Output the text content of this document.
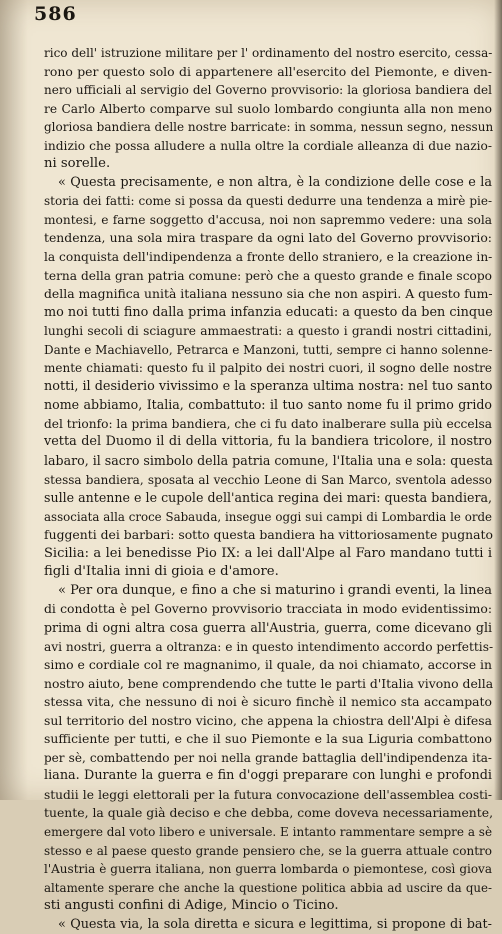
586
rico dell' istruzione militare per l' ordinamento del nostro esercito, cessa-
rono per questo solo di appartenere all'esercito del Piemonte, e diven-
nero ufficiali al servigio del Governo provvisorio: la gloriosa bandiera del
re Carlo Alberto comparve sul suolo lombardo congiunta alla non meno
gloriosa bandiera delle nostre barricate: in somma, nessun segno, nessun
indizio che possa alludere a nulla oltre la cordiale alleanza di due nazio-
ni sorelle.
« Questa precisamente, e non altra, è la condizione delle cose e la
storia dei fatti: come si possa da questi dedurre una tendenza a mirè pie-
montesi, e farne soggetto d'accusa, noi non sapremmo vedere: una sola
tendenza, una sola mira traspare da ogni lato del Governo provvisorio:
la conquista dell'indipendenza a fronte dello straniero, e la creazione in-
terna della gran patria comune: però che a questo grande e finale scopo
della magnifica unità italiana nessuno sia che non aspiri. A questo fum-
mo noi tutti fino dalla prima infanzia educati: a questo da ben cinque
lunghi secoli di sciagure ammaestrati: a questo i grandi nostri cittadini,
Dante e Machiavello, Petrarca e Manzoni, tutti, sempre ci hanno solenne-
mente chiamati: questo fu il palpito dei nostri cuori, il sogno delle nostre
notti, il desiderio vivissimo e la speranza ultima nostra: nel tuo santo
nome abbiamo, Italia, combattuto: il tuo santo nome fu il primo grido
del trionfo: la prima bandiera, che ci fu dato inalberare sulla più eccelsa
vetta del Duomo il di della vittoria, fu la bandiera tricolore, il nostro
labaro, il sacro simbolo della patria comune, l'Italia una e sola: questa
stessa bandiera, sposata al vecchio Leone di San Marco, sventola adesso
sulle antenne e le cupole dell'antica regina dei mari: questa bandiera,
associata alla croce Sabauda, insegue oggi sui campi di Lombardia le orde
fuggenti dei barbari: sotto questa bandiera ha vittoriosamente pugnato
Sicilia: a lei benedisse Pio IX: a lei dall'Alpe al Faro mandano tutti i
figli d'Italia inni di gioia e d'amore.
« Per ora dunque, e fino a che si maturino i grandi eventi, la linea
di condotta è pel Governo provvisorio tracciata in modo evidentissimo:
prima di ogni altra cosa guerra all'Austria, guerra, come dicevano gli
avi nostri, guerra a oltranza: e in questo intendimento accordo perfettis-
simo e cordiale col re magnanimo, il quale, da noi chiamato, accorse in
nostro aiuto, bene comprendendo che tutte le parti d'Italia vivono della
stessa vita, che nessuno di noi è sicuro finchè il nemico sta accampato
sul territorio del nostro vicino, che appena la chiostra dell'Alpi è difesa
sufficiente per tutti, e che il suo Piemonte e la sua Liguria combattono
per sè, combattendo per noi nella grande battaglia dell'indipendenza ita-
liana. Durante la guerra e fin d'oggi preparare con lunghi e profondi
studii le leggi elettorali per la futura convocazione dell'assemblea costi-
tuente, la quale già deciso e che debba, come doveva necessariamente,
emergere dal voto libero e universale. E intanto rammentare sempre a sè
stesso e al paese questo grande pensiero che, se la guerra attuale contro
l'Austria è guerra italiana, non guerra lombarda o piemontese, così giova
altamente sperare che anche la questione politica abbia ad uscire da que-
sti angusti confini di Adige, Mincio o Ticino.
« Questa via, la sola diretta e sicura e legittima, si propone di bat-
